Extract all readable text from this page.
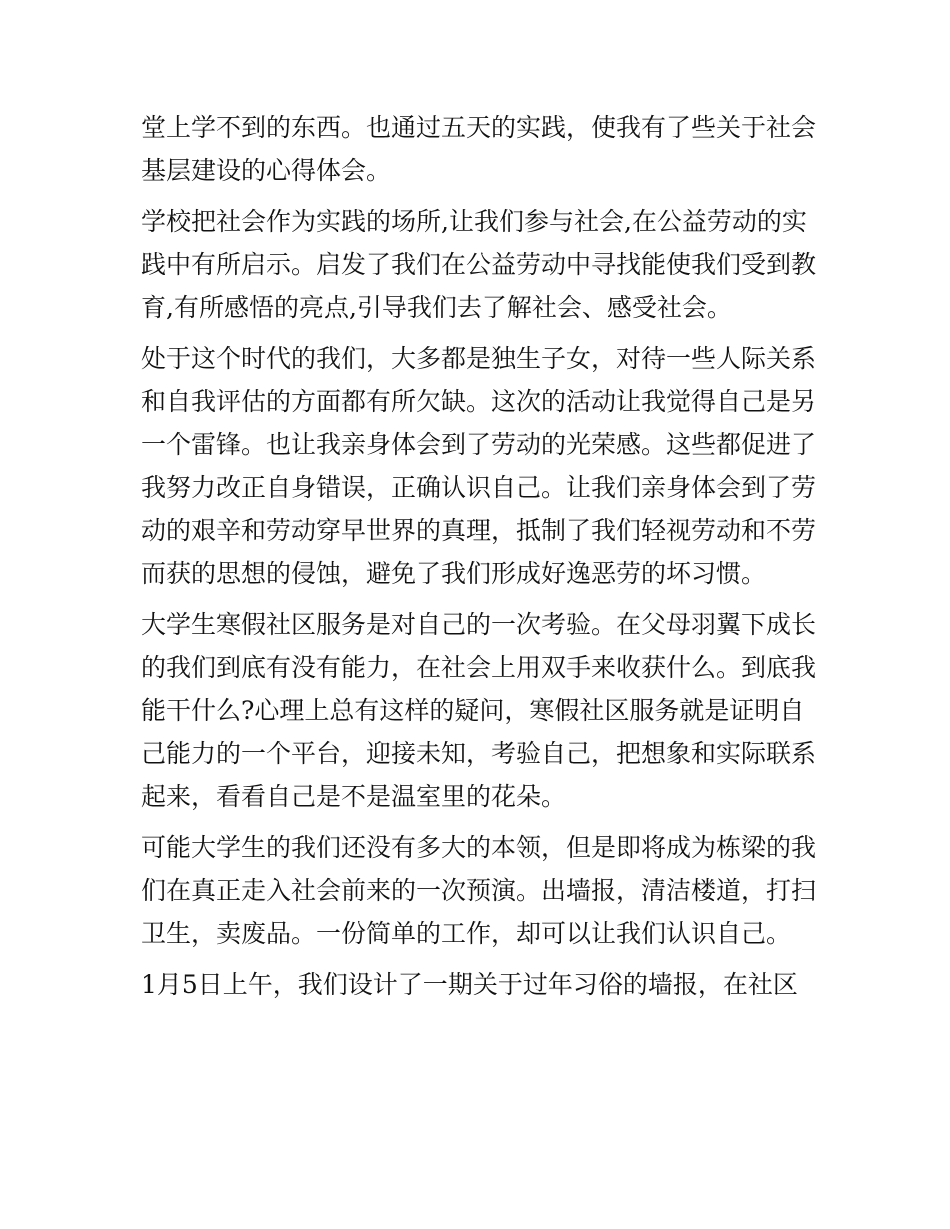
堂上学不到的东西。也通过五天的实践，使我有了些关于社会
基层建设的心得体会。
学校把社会作为实践的场所,让我们参与社会,在公益劳动的实
践中有所启示。启发了我们在公益劳动中寻找能使我们受到教
育,有所感悟的亮点,引导我们去了解社会、感受社会。
处于这个时代的我们，大多都是独生子女，对待一些人际关系
和自我评估的方面都有所欠缺。这次的活动让我觉得自己是另
一个雷锋。也让我亲身体会到了劳动的光荣感。这些都促进了
我努力改正自身错误，正确认识自己。让我们亲身体会到了劳
动的艰辛和劳动穿早世界的真理，抵制了我们轻视劳动和不劳
而获的思想的侵蚀，避免了我们形成好逸恶劳的坏习惯。
大学生寒假社区服务是对自己的一次考验。在父母羽翼下成长
的我们到底有没有能力，在社会上用双手来收获什么。到底我
能干什么?心理上总有这样的疑问，寒假社区服务就是证明自
己能力的一个平台，迎接未知，考验自己，把想象和实际联系
起来，看看自己是不是温室里的花朵。
可能大学生的我们还没有多大的本领，但是即将成为栋梁的我
们在真正走入社会前来的一次预演。出墙报，清洁楼道，打扫
卫生，卖废品。一份简单的工作，却可以让我们认识自己。
1月5日上午，我们设计了一期关于过年习俗的墙报，在社区
